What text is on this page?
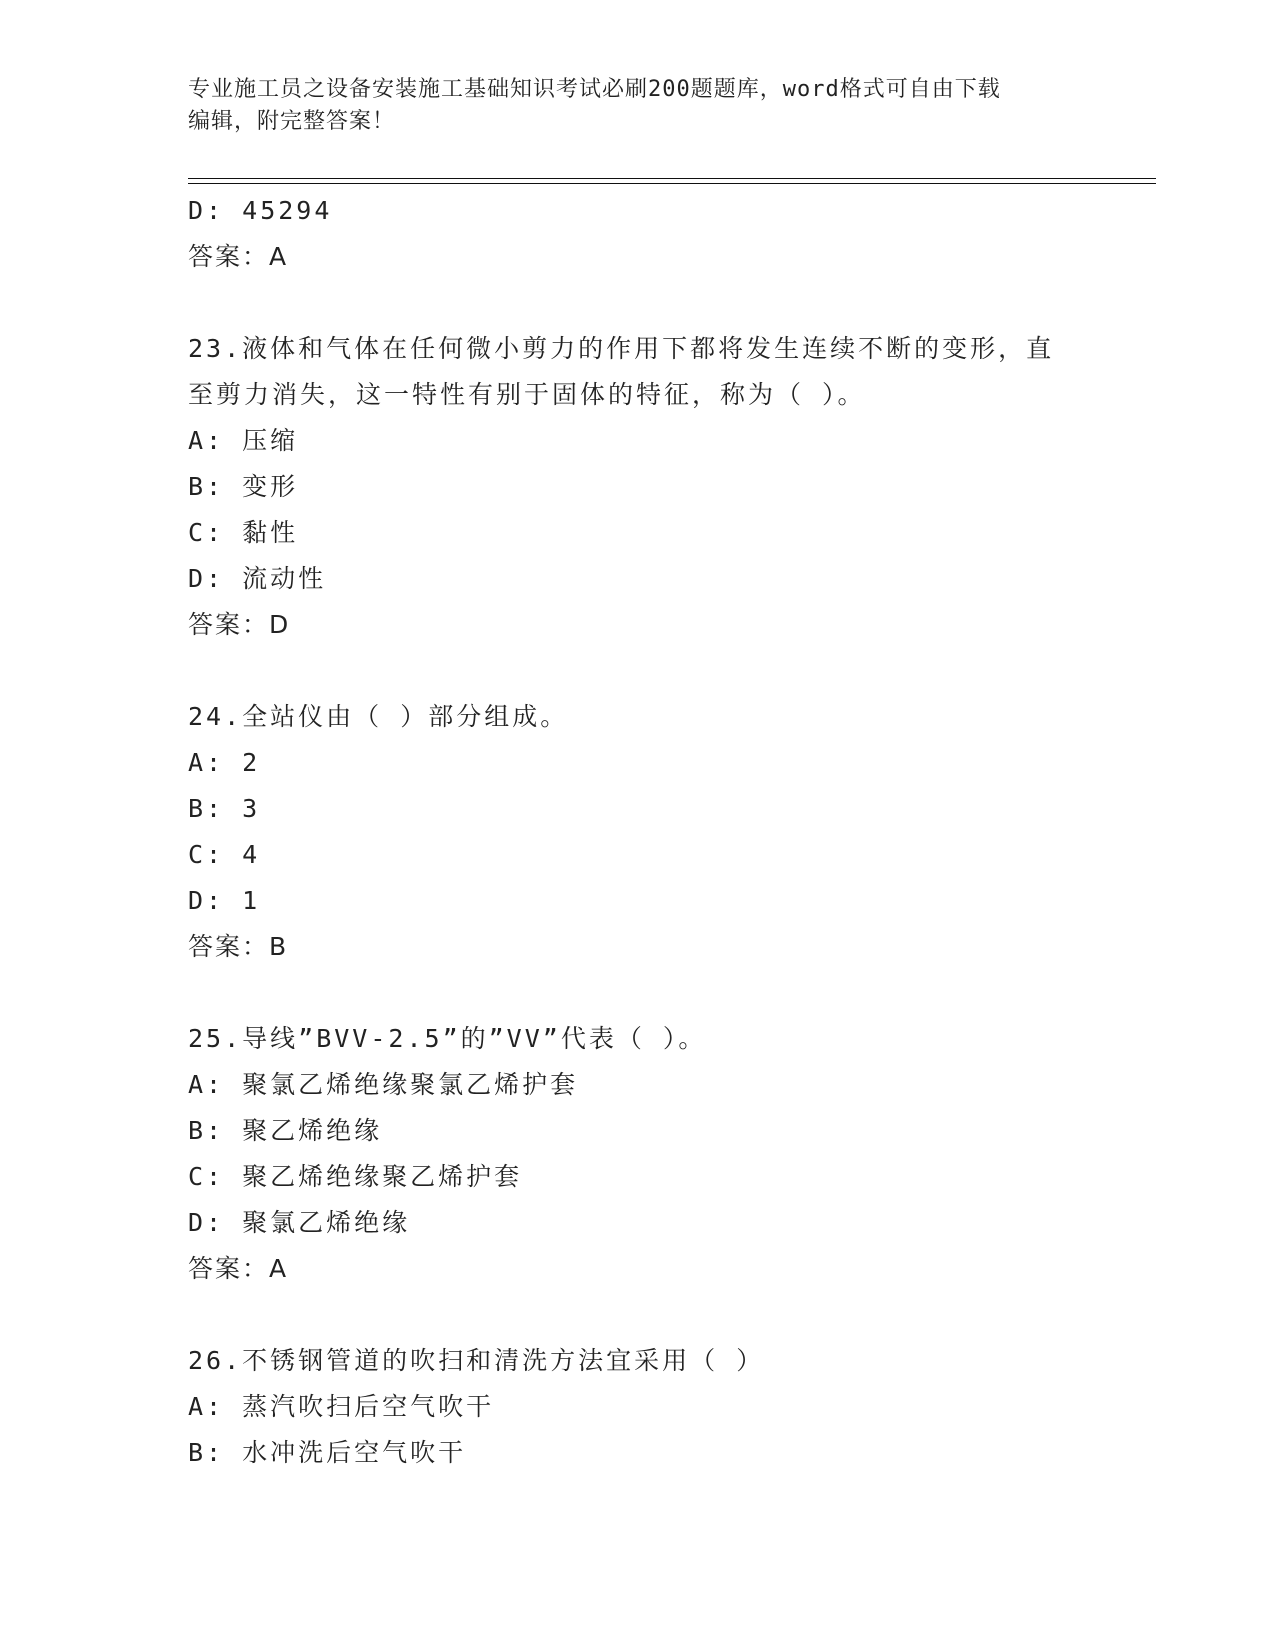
专业施工员之设备安装施工基础知识考试必刷200题题库，word格式可自由下载
编辑，附完整答案！
D: 45294
答案：A
23.液体和气体在任何微小剪力的作用下都将发生连续不断的变形，直
至剪力消失，这一特性有别于固体的特征，称为（ ）。
A: 压缩
B: 变形
C: 黏性
D: 流动性
答案：D
24.全站仪由（ ）部分组成。
A: 2
B: 3
C: 4
D: 1
答案：B
25.导线”BVV-2.5”的”VV”代表（ ）。
A: 聚氯乙烯绝缘聚氯乙烯护套
B: 聚乙烯绝缘
C: 聚乙烯绝缘聚乙烯护套
D: 聚氯乙烯绝缘
答案：A
26.不锈钢管道的吹扫和清洗方法宜采用（ ）
A: 蒸汽吹扫后空气吹干
B: 水冲洗后空气吹干
